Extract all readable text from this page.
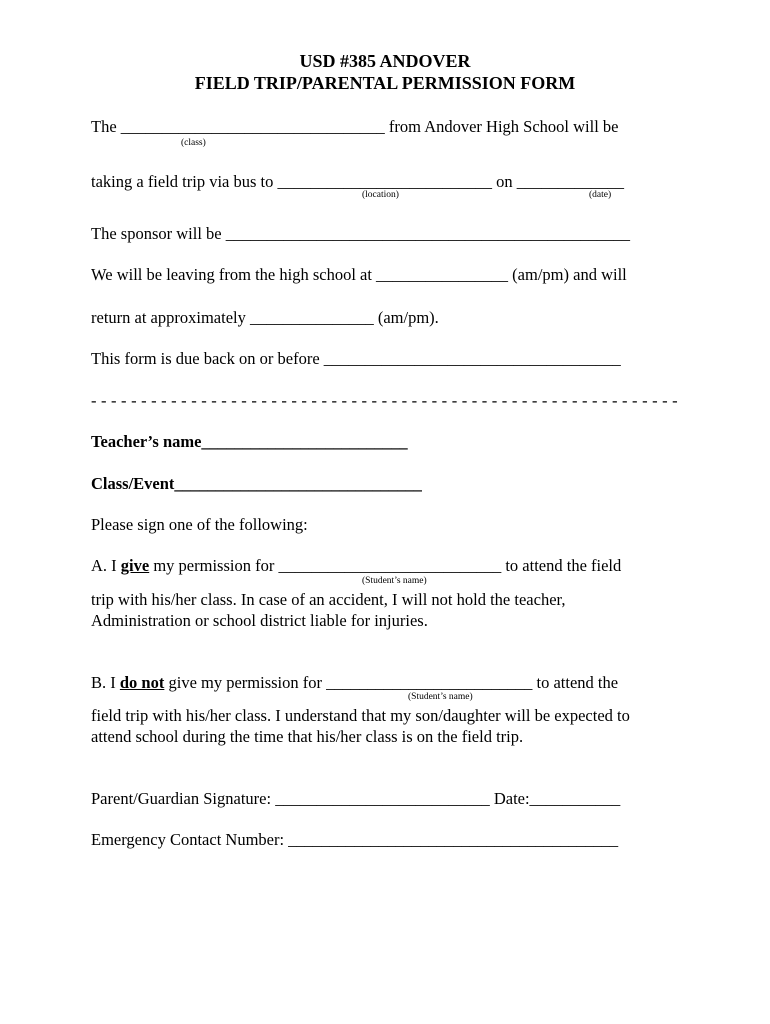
USD #385 ANDOVER
FIELD TRIP/PARENTAL PERMISSION FORM
The ________________________________ from Andover High School will be
(class)
taking a field trip via bus to __________________________ on _____________
(location)	(date)
The sponsor will be _________________________________________________
We will be leaving from the high school at ________________ (am/pm) and will
return at approximately _______________ (am/pm).
This form is due back on or before ____________________________________
- - - - - - - - - - - - - - - - - - - - - - - - - - - - - - - - - - - - - - - - - - - - - - - - - - - - - - - - - - -
Teacher’s name_________________________
Class/Event______________________________
Please sign one of the following:
A. I give my permission for ___________________________ to attend the field
(Student’s name)
trip with his/her class. In case of an accident, I will not hold the teacher,
Administration or school district liable for injuries.
B. I do not give my permission for _________________________ to attend the
(Student’s name)
field trip with his/her class. I understand that my son/daughter will be expected to
attend school during the time that his/her class is on the field trip.
Parent/Guardian Signature: __________________________ Date:___________
Emergency Contact Number: ________________________________________
